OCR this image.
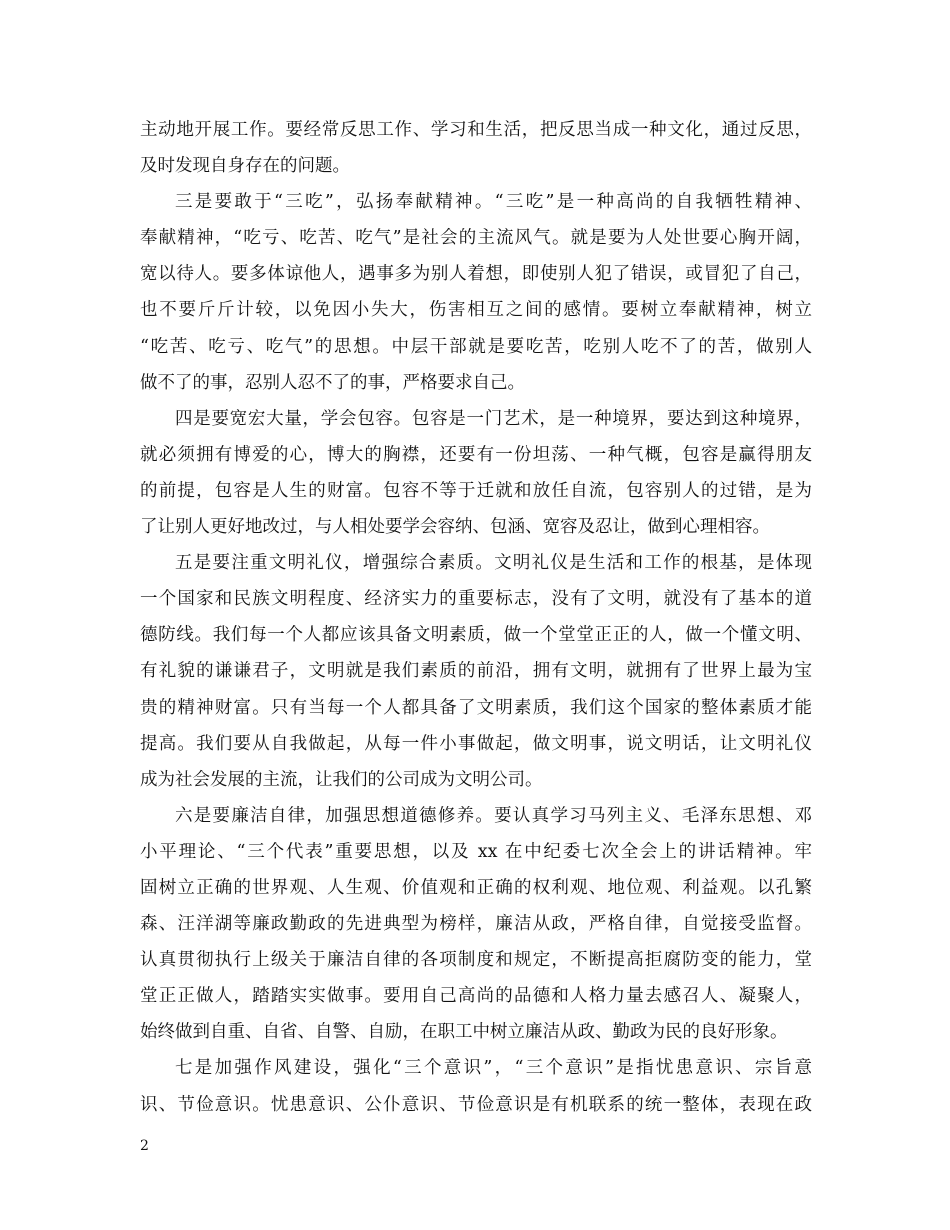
主动地开展工作。要经常反思工作、学习和生活，把反思当成一种文化，通过反思，
及时发现自身存在的问题。
三是要敢于“三吃”，弘扬奉献精神。“三吃”是一种高尚的自我牺牲精神、
奉献精神，“吃亏、吃苦、吃气”是社会的主流风气。就是要为人处世要心胸开阔，
宽以待人。要多体谅他人，遇事多为别人着想，即使别人犯了错误，或冒犯了自己，
也不要斤斤计较，以免因小失大，伤害相互之间的感情。要树立奉献精神，树立
“吃苦、吃亏、吃气”的思想。中层干部就是要吃苦，吃别人吃不了的苦，做别人
做不了的事，忍别人忍不了的事，严格要求自己。
四是要宽宏大量，学会包容。包容是一门艺术，是一种境界，要达到这种境界，
就必须拥有博爱的心，博大的胸襟，还要有一份坦荡、一种气概，包容是赢得朋友
的前提，包容是人生的财富。包容不等于迁就和放任自流，包容别人的过错，是为
了让别人更好地改过，与人相处要学会容纳、包涵、宽容及忍让，做到心理相容。
五是要注重文明礼仪，增强综合素质。文明礼仪是生活和工作的根基，是体现
一个国家和民族文明程度、经济实力的重要标志，没有了文明，就没有了基本的道
德防线。我们每一个人都应该具备文明素质，做一个堂堂正正的人，做一个懂文明、
有礼貌的谦谦君子，文明就是我们素质的前沿，拥有文明，就拥有了世界上最为宝
贵的精神财富。只有当每一个人都具备了文明素质，我们这个国家的整体素质才能
提高。我们要从自我做起，从每一件小事做起，做文明事，说文明话，让文明礼仪
成为社会发展的主流，让我们的公司成为文明公司。
六是要廉洁自律，加强思想道德修养。要认真学习马列主义、毛泽东思想、邓
小平理论、“三个代表”重要思想，以及 xx 在中纪委七次全会上的讲话精神。牢
固树立正确的世界观、人生观、价值观和正确的权利观、地位观、利益观。以孔繁
森、汪洋湖等廉政勤政的先进典型为榜样，廉洁从政，严格自律，自觉接受监督。
认真贯彻执行上级关于廉洁自律的各项制度和规定，不断提高拒腐防变的能力，堂
堂正正做人，踏踏实实做事。要用自己高尚的品德和人格力量去感召人、凝聚人，
始终做到自重、自省、自警、自励，在职工中树立廉洁从政、勤政为民的良好形象。
七是加强作风建设，强化“三个意识”，“三个意识”是指忧患意识、宗旨意
识、节俭意识。忧患意识、公仆意识、节俭意识是有机联系的统一整体，表现在政
2
